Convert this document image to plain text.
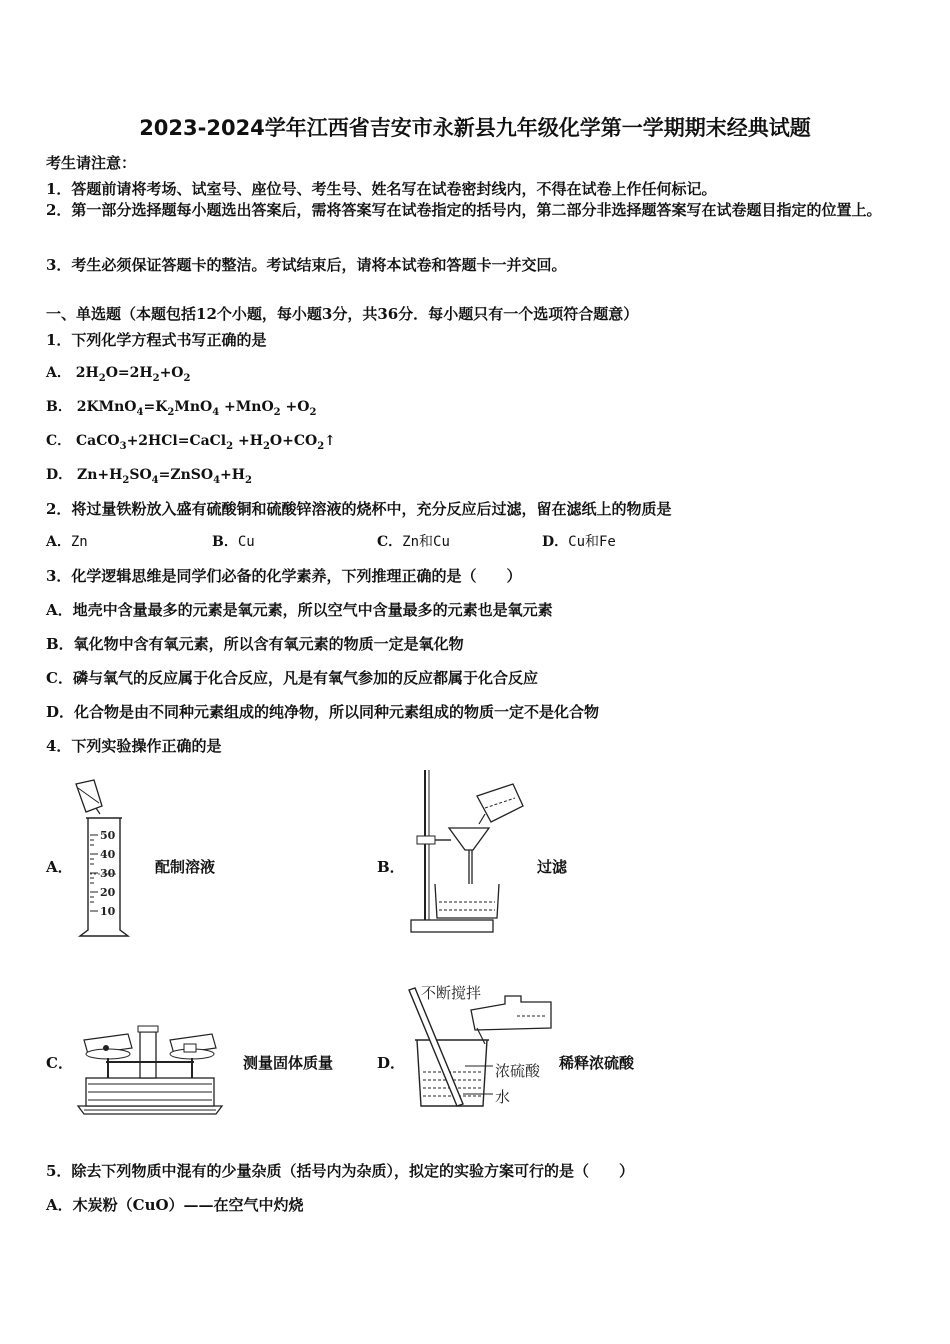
2023-2024学年江西省吉安市永新县九年级化学第一学期期末经典试题
考生请注意：
1．答题前请将考场、试室号、座位号、考生号、姓名写在试卷密封线内，不得在试卷上作任何标记。
2．第一部分选择题每小题选出答案后，需将答案写在试卷指定的括号内，第二部分非选择题答案写在试卷题目指定的位置上。
3．考生必须保证答题卡的整洁。考试结束后，请将本试卷和答题卡一并交回。
一、单选题（本题包括12个小题，每小题3分，共36分．每小题只有一个选项符合题意）
1．下列化学方程式书写正确的是
A． $2H_2O=2H_2+O_2$
B． $2KMnO_4=K_2MnO_4 +MnO_2 +O_2$
C． CaCO$_3$+2HCl=CaCl$_2$ $+H_2O+CO_2↑$
D． $Zn+H_2SO_4=ZnSO_4+H_2$
2．将过量铁粉放入盛有硫酸铜和硫酸锌溶液的烧杯中，充分反应后过滤，留在滤纸上的物质是
A．Zn	B．Cu	C．Zn和Cu	D．Cu和Fe
3．化学逻辑思维是同学们必备的化学素养，下列推理正确的是（　　）
A．地壳中含量最多的元素是氧元素，所以空气中含量最多的元素也是氧元素
B．氧化物中含有氧元素，所以含有氧元素的物质一定是氧化物
C．磷与氧气的反应属于化合反应，凡是有氧气参加的反应都属于化合反应
D．化合物是由不同种元素组成的纯净物，所以同种元素组成的物质一定不是化合物
4．下列实验操作正确的是
A．	配制溶液
50
40
30
20
10
B．	过滤
C．	测量固体质量	D．	稀释浓硫酸
不断搅拌
浓硫酸
水
5．除去下列物质中混有的少量杂质（括号内为杂质），拟定的实验方案可行的是（　　）
A．木炭粉（CuO）——在空气中灼烧
